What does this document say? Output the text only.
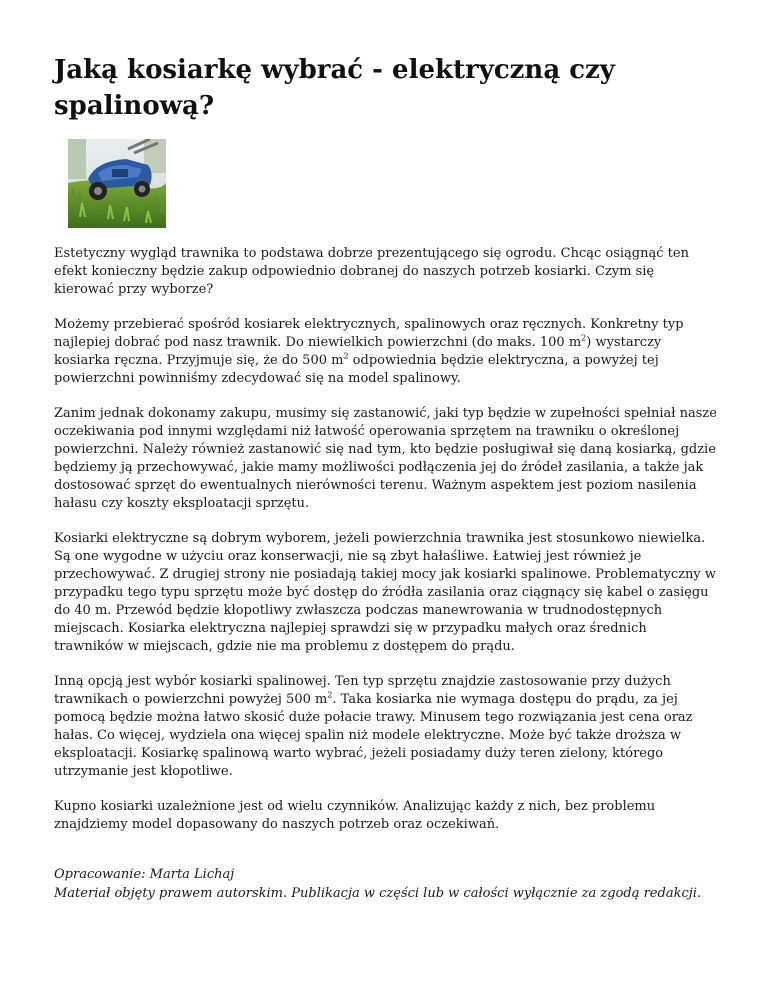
Jaką kosiarkę wybrać - elektryczną czy spalinową?

Estetyczny wygląd trawnika to podstawa dobrze prezentującego się ogrodu. Chcąc osiągnąć ten efekt konieczny będzie zakup odpowiednio dobranej do naszych potrzeb kosiarki. Czym się kierować przy wyborze?

Możemy przebierać spośród kosiarek elektrycznych, spalinowych oraz ręcznych. Konkretny typ najlepiej dobrać pod nasz trawnik. Do niewielkich powierzchni (do maks. 100 $m^2$) wystarczy kosiarka ręczna. Przyjmuje się, że do 500 $m^2$ odpowiednia będzie elektryczna, a powyżej tej powierzchni powinniśmy zdecydować się na model spalinowy.

Zanim jednak dokonamy zakupu, musimy się zastanowić, jaki typ będzie w zupełności spełniał nasze oczekiwania pod innymi względami niż łatwość operowania sprzętem na trawniku o określonej powierzchni. Należy również zastanowić się nad tym, kto będzie posługiwał się daną kosiarką, gdzie będziemy ją przechowywać, jakie mamy możliwości podłączenia jej do źródeł zasilania, a także jak dostosować sprzęt do ewentualnych nierówności terenu. Ważnym aspektem jest poziom nasilenia hałasu czy koszty eksploatacji sprzętu.

Kosiarki elektryczne są dobrym wyborem, jeżeli powierzchnia trawnika jest stosunkowo niewielka. Są one wygodne w użyciu oraz konserwacji, nie są zbyt hałaśliwe. Łatwiej jest również je przechowywać. Z drugiej strony nie posiadają takiej mocy jak kosiarki spalinowe. Problematyczny w przypadku tego typu sprzętu może być dostęp do źródła zasilania oraz ciągnący się kabel o zasięgu do 40 m. Przewód będzie kłopotliwy zwłaszcza podczas manewrowania w trudnodostępnych miejscach. Kosiarka elektryczna najlepiej sprawdzi się w przypadku małych oraz średnich trawników w miejscach, gdzie nie ma problemu z dostępem do prądu.

Inną opcją jest wybór kosiarki spalinowej. Ten typ sprzętu znajdzie zastosowanie przy dużych trawnikach o powierzchni powyżej 500 $m^2$. Taka kosiarka nie wymaga dostępu do prądu, za jej pomocą będzie można łatwo skosić duże połacie trawy. Minusem tego rozwiązania jest cena oraz hałas. Co więcej, wydziela ona więcej spalin niż modele elektryczne. Może być także droższa w eksploatacji. Kosiarkę spalinową warto wybrać, jeżeli posiadamy duży teren zielony, którego utrzymanie jest kłopotliwe.

Kupno kosiarki uzależnione jest od wielu czynników. Analizując każdy z nich, bez problemu znajdziemy model dopasowany do naszych potrzeb oraz oczekiwań.

Opracowanie: Marta Lichaj
Materiał objęty prawem autorskim. Publikacja w części lub w całości wyłącznie za zgodą redakcji.
